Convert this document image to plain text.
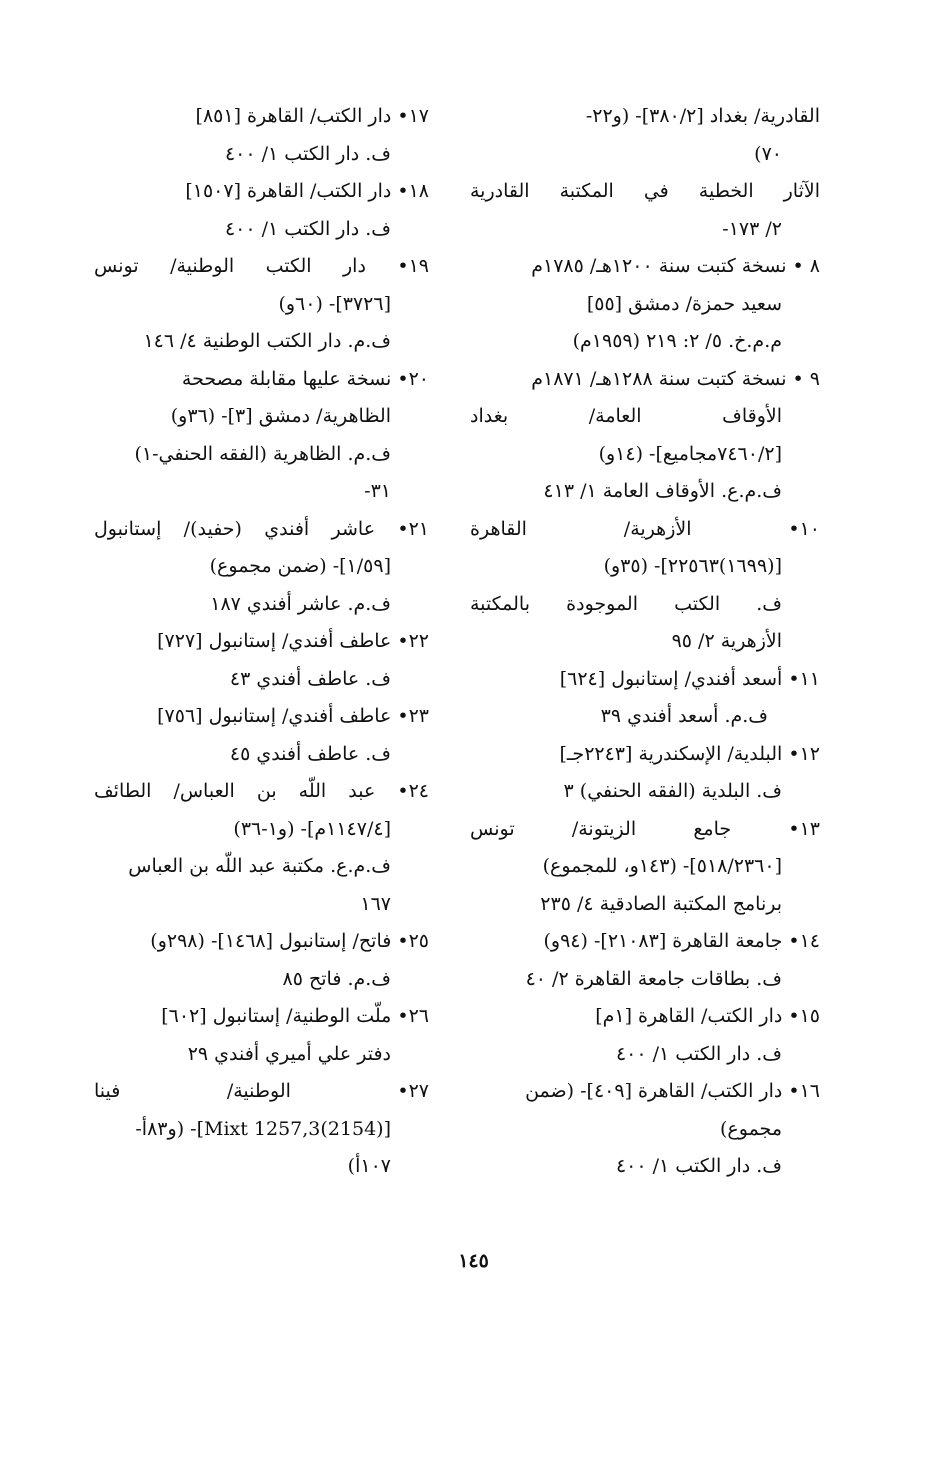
القادرية/ بغداد [٣٨٠/٢]- (و٢٢-
٧٠)
الآثار الخطية في المكتبة القادرية
٢/ ١٧٣-
٨ • نسخة كتبت سنة ١٢٠٠هـ/ ١٧٨٥م
سعيد حمزة/ دمشق [٥٥]
م.م.خ. ٥/ ٢: ٢١٩ (١٩٥٩م)
٩ • نسخة كتبت سنة ١٢٨٨هـ/ ١٨٧١م
الأوقاف العامة/ بغداد
[٧٤٦٠/٢مجاميع]- (١٤و)
ف.م.ع. الأوقاف العامة ١/ ٤١٣
١٠• الأزهرية/ القاهرة
[(١٦٩٩)٢٢٥٦٣]- (٣٥و)
ف. الكتب الموجودة بالمكتبة
الأزهرية ٢/ ٩٥
١١• أسعد أفندي/ إستانبول [٦٢٤]
ف.م. أسعد أفندي ٣٩
١٢• البلدية/ الإسكندرية [٢٢٤٣جـ]
ف. البلدية (الفقه الحنفي) ٣
١٣• جامع الزيتونة/ تونس
[٥١٨/٢٣٦٠]- (١٤٣و، للمجموع)
برنامج المكتبة الصادقية ٤/ ٢٣٥
١٤• جامعة القاهرة [٢١٠٨٣]- (٩٤و)
ف. بطاقات جامعة القاهرة ٢/ ٤٠
١٥• دار الكتب/ القاهرة [١م]
ف. دار الكتب ١/ ٤٠٠
١٦• دار الكتب/ القاهرة [٤٠٩]- (ضمن
مجموع)
ف. دار الكتب ١/ ٤٠٠
١٧• دار الكتب/ القاهرة [٨٥١]
ف. دار الكتب ١/ ٤٠٠
١٨• دار الكتب/ القاهرة [١٥٠٧]
ف. دار الكتب ١/ ٤٠٠
١٩• دار الكتب الوطنية/ تونس
[٣٧٢٦]- (٦٠و)
ف.م. دار الكتب الوطنية ٤/ ١٤٦
٢٠• نسخة عليها مقابلة مصححة
الظاهرية/ دمشق [٣]- (٣٦و)
ف.م. الظاهرية (الفقه الحنفي-١)
٣١-
٢١• عاشر أفندي (حفيد)/ إستانبول
[١/٥٩]- (ضمن مجموع)
ف.م. عاشر أفندي ١٨٧
٢٢• عاطف أفندي/ إستانبول [٧٢٧]
ف. عاطف أفندي ٤٣
٢٣• عاطف أفندي/ إستانبول [٧٥٦]
ف. عاطف أفندي ٤٥
٢٤• عبد اللّه بن العباس/ الطائف
[١١٤٧/٤م]- (و١-٣٦)
ف.م.ع. مكتبة عبد اللّه بن العباس
١٦٧
٢٥• فاتح/ إستانبول [١٤٦٨]- (٢٩٨و)
ف.م. فاتح ٨٥
٢٦• ملّت الوطنية/ إستانبول [٦٠٢]
دفتر علي أميري أفندي ٢٩
٢٧• الوطنية/ فينا
[(2154)Mixt 1257,3]- (و٨٣أ-
١٠٧أ)
١٤٥
